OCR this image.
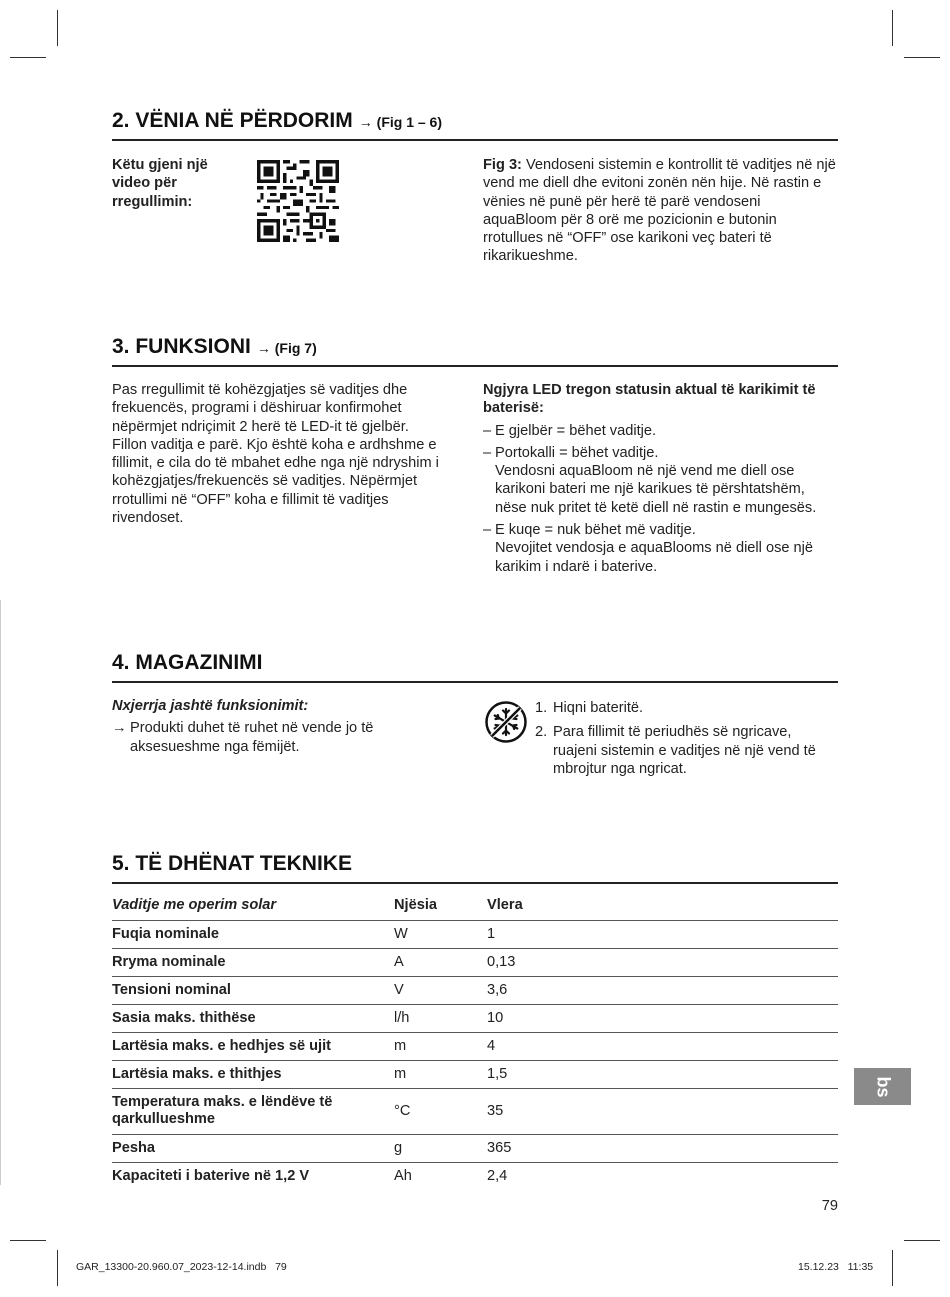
2. VËNIA NË PËRDORIM → (Fig 1 – 6)
Këtu gjeni një video për rregullimin:
Fig 3: Vendoseni sistemin e kontrollit të vaditjes në një vend me diell dhe evitoni zonën nën hije. Në rastin e vënies në punë për herë të parë vendoseni aquaBloom për 8 orë me pozicionin e butonin rrotullues në “OFF” ose karikoni veç bateri të rikarikueshme.
3. FUNKSIONI → (Fig 7)
Pas rregullimit të kohëzgjatjes së vaditjes dhe frekuencës, programi i dëshiruar konfirmohet nëpërmjet ndriçimit 2 herë të LED-it të gjelbër. Fillon vaditja e parë. Kjo është koha e ardhshme e fillimit, e cila do të mbahet edhe nga një ndryshim i kohëzgjatjes/frekuencës së vaditjes. Nëpërmjet rrotullimi në “OFF” koha e fillimit të vaditjes rivendoset.
Ngjyra LED tregon statusin aktual të karikimit të baterisë:
– E gjelbër = bëhet vaditje.
– Portokalli = bëhet vaditje.
Vendosni aquaBloom në një vend me diell ose karikoni bateri me një karikues të përshtatshëm, nëse nuk pritet të ketë diell në rastin e mungesës.
– E kuqe = nuk bëhet më vaditje.
Nevojitet vendosja e aquaBlooms në diell ose një karikim i ndarë i baterive.
4. MAGAZINIMI
Nxjerrja jashtë funksionimit:
→ Produkti duhet të ruhet në vende jo të aksesueshme nga fëmijët.
1. Hiqni bateritë.
2. Para fillimit të periudhës së ngricave, ruajeni sistemin e vaditjes në një vend të mbrojtur nga ngricat.
5. TË DHËNAT TEKNIKE
Vaditje me operim solar	Njësia	Vlera
Fuqia nominale	W	1
Rryma nominale	A	0,13
Tensioni nominal	V	3,6
Sasia maks. thithëse	l/h	10
Lartësia maks. e hedhjes së ujit	m	4
Lartësia maks. e thithjes	m	1,5
Temperatura maks. e lëndëve të qarkullueshme	°C	35
Pesha	g	365
Kapaciteti i baterive në 1,2 V	Ah	2,4
bs
79
GAR_13300-20.960.07_2023-12-14.indb   79	15.12.23   11:35
